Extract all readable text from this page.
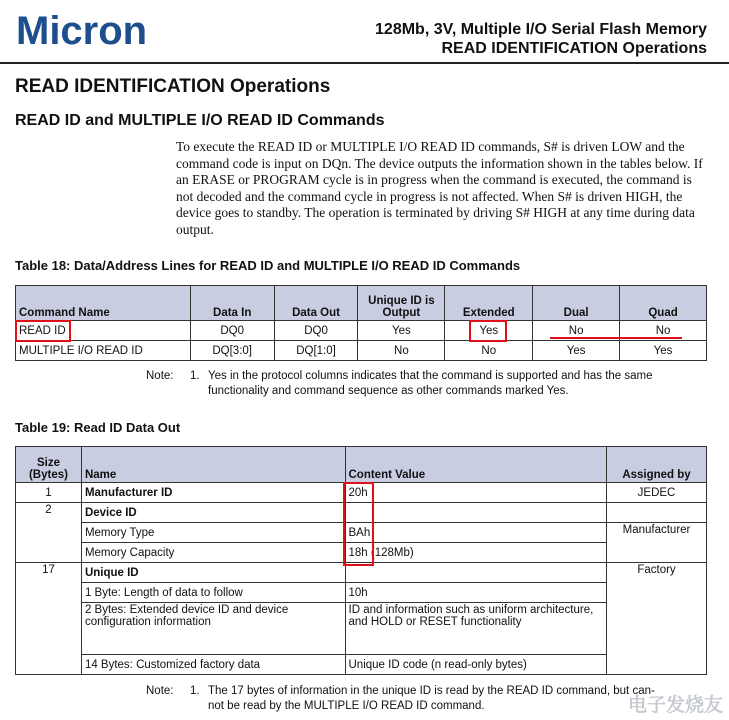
Micron	128Mb, 3V, Multiple I/O Serial Flash Memory
READ IDENTIFICATION Operations
READ IDENTIFICATION Operations
READ ID and MULTIPLE I/O READ ID Commands

To execute the READ ID or MULTIPLE I/O READ ID commands, S# is driven LOW and the command code is input on DQn. The device outputs the information shown in the tables below. If an ERASE or PROGRAM cycle is in progress when the command is executed, the command is not decoded and the command cycle in progress is not affected. When S# is driven HIGH, the device goes to standby. The operation is terminated by driving S# HIGH at any time during data output.

Table 18: Data/Address Lines for READ ID and MULTIPLE I/O READ ID Commands

Command Name	Data In	Data Out	Unique ID is Output	Extended	Dual	Quad
READ ID	DQ0	DQ0	Yes	Yes	No	No
MULTIPLE I/O READ ID	DQ[3:0]	DQ[1:0]	No	No	Yes	Yes
Note: 1. Yes in the protocol columns indicates that the command is supported and has the same
functionality and command sequence as other commands marked Yes.

Table 19: Read ID Data Out

Size (Bytes)	Name	Content Value	Assigned by
1	Manufacturer ID	20h	JEDEC
2	Device ID		
	Memory Type	BAh	Manufacturer
	Memory Capacity	18h (128Mb)	
17	Unique ID		Factory
	1 Byte: Length of data to follow	10h	
	2 Bytes: Extended device ID and device configuration information	ID and information such as uniform architecture, and HOLD or RESET functionality	
	14 Bytes: Customized factory data	Unique ID code (n read-only bytes)	
Note: 1. The 17 bytes of information in the unique ID is read by the READ ID command, but can-
not be read by the MULTIPLE I/O READ ID command.	电子发烧友
